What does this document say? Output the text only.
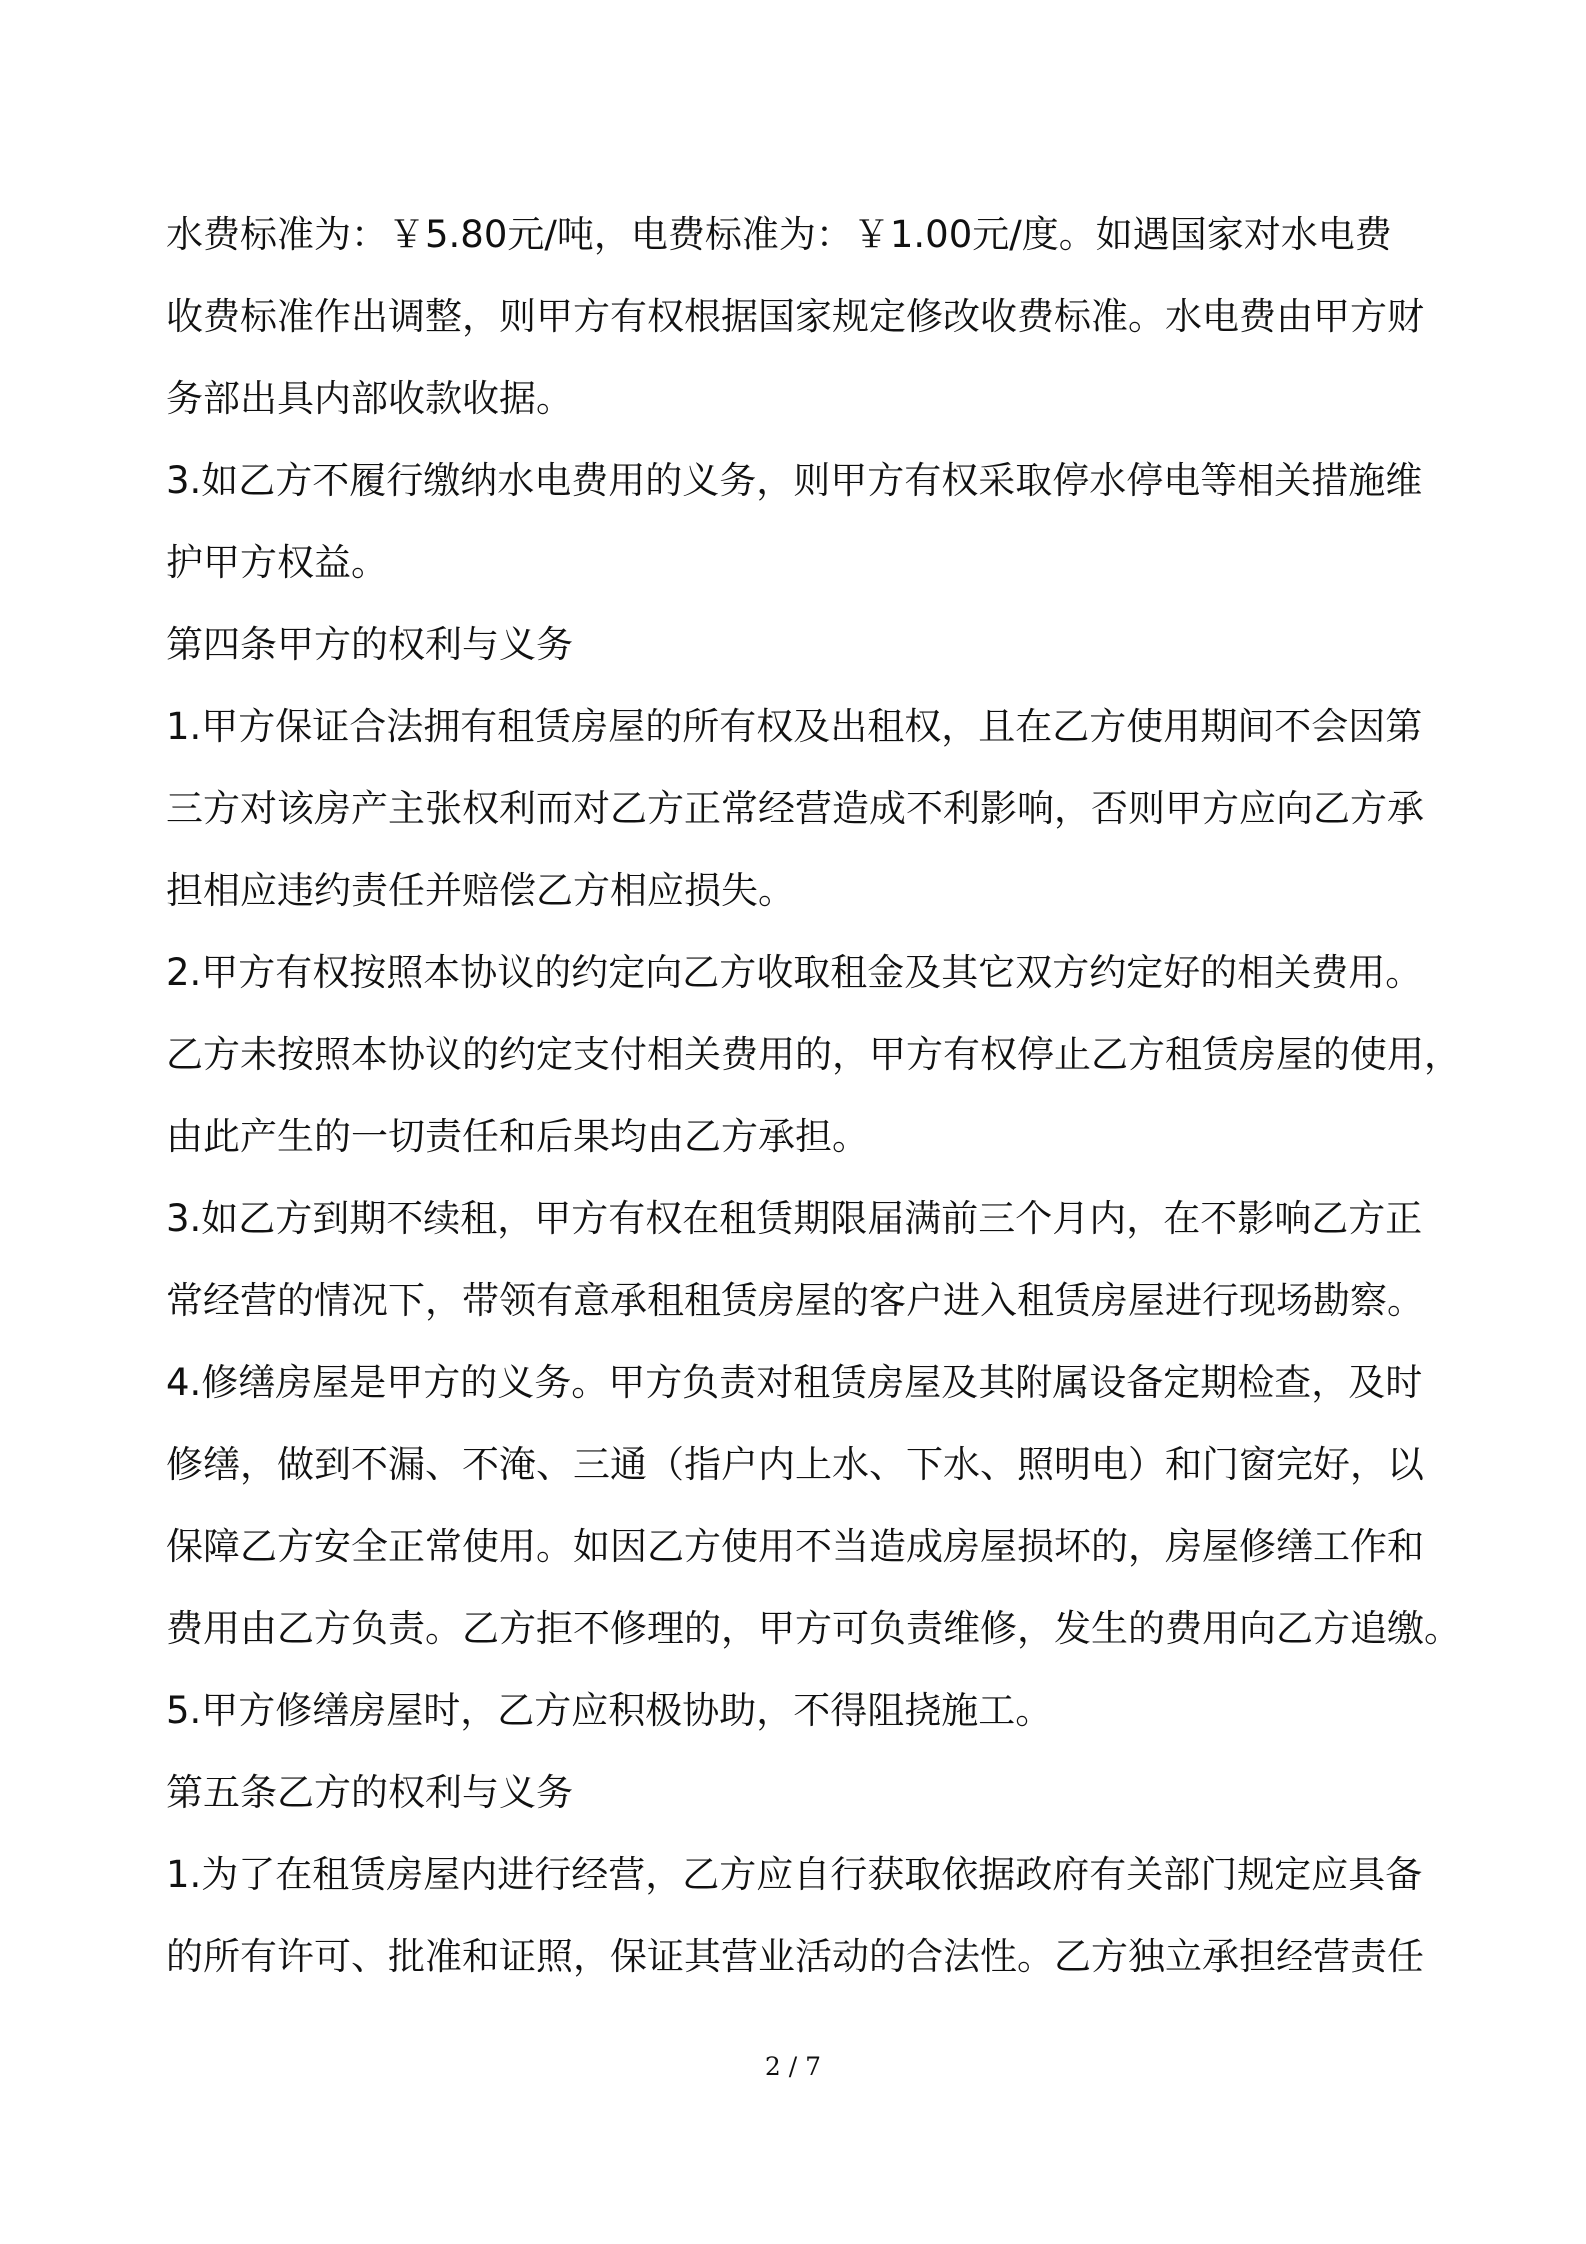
水费标准为：￥5.80元/吨，电费标准为：￥1.00元/度。如遇国家对水电费
收费标准作出调整，则甲方有权根据国家规定修改收费标准。水电费由甲方财
务部出具内部收款收据。
3.如乙方不履行缴纳水电费用的义务，则甲方有权采取停水停电等相关措施维
护甲方权益。
第四条甲方的权利与义务
1.甲方保证合法拥有租赁房屋的所有权及出租权，且在乙方使用期间不会因第
三方对该房产主张权利而对乙方正常经营造成不利影响，否则甲方应向乙方承
担相应违约责任并赔偿乙方相应损失。
2.甲方有权按照本协议的约定向乙方收取租金及其它双方约定好的相关费用。
乙方未按照本协议的约定支付相关费用的，甲方有权停止乙方租赁房屋的使用，
由此产生的一切责任和后果均由乙方承担。
3.如乙方到期不续租，甲方有权在租赁期限届满前三个月内，在不影响乙方正
常经营的情况下，带领有意承租租赁房屋的客户进入租赁房屋进行现场勘察。
4.修缮房屋是甲方的义务。甲方负责对租赁房屋及其附属设备定期检查，及时
修缮，做到不漏、不淹、三通（指户内上水、下水、照明电）和门窗完好，以
保障乙方安全正常使用。如因乙方使用不当造成房屋损坏的，房屋修缮工作和
费用由乙方负责。乙方拒不修理的，甲方可负责维修，发生的费用向乙方追缴。
5.甲方修缮房屋时，乙方应积极协助，不得阻挠施工。
第五条乙方的权利与义务
1.为了在租赁房屋内进行经营，乙方应自行获取依据政府有关部门规定应具备
的所有许可、批准和证照，保证其营业活动的合法性。乙方独立承担经营责任
2 / 7
